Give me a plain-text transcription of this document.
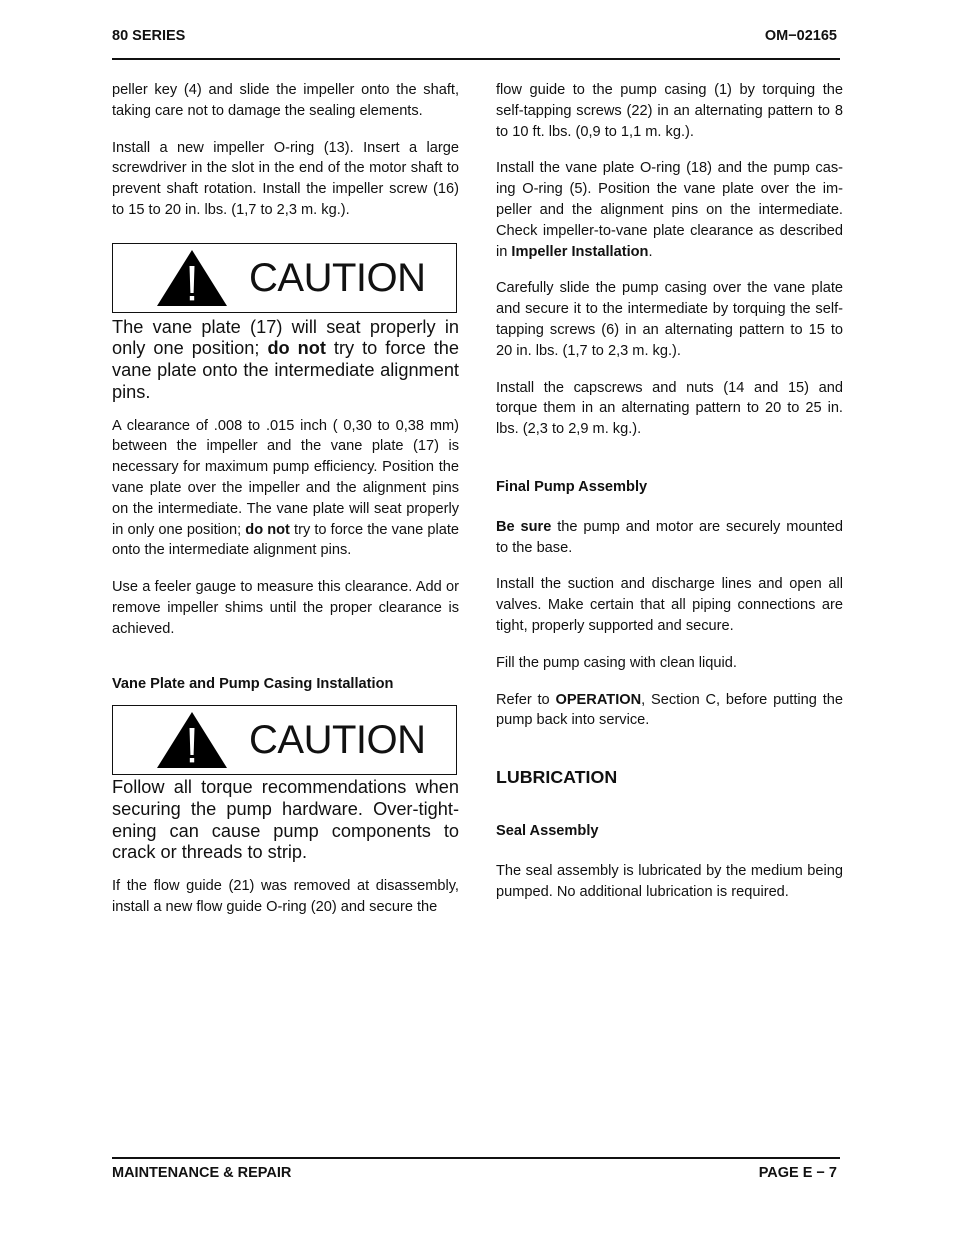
80 SERIES	OM−02165

peller key (4) and slide the impeller onto the shaft, taking care not to damage the sealing elements.

Install a new impeller O-ring (13). Insert a large screwdriver in the slot in the end of the motor shaft to prevent shaft rotation. Install the impeller screw (16) to 15 to 20 in. lbs. (1,7 to 2,3 m. kg.).

CAUTION

The vane plate (17) will seat properly in only one position; do not try to force the vane plate onto the intermediate alignment pins.

A clearance of .008 to .015 inch ( 0,30 to 0,38 mm) between the impeller and the vane plate (17) is necessary for maximum pump efficiency. Position the vane plate over the impeller and the alignment pins on the intermediate. The vane plate will seat properly in only one position; do not try to force the vane plate onto the intermediate alignment pins.

Use a feeler gauge to measure this clearance. Add or remove impeller shims until the proper clearance is achieved.

Vane Plate and Pump Casing Installation

CAUTION

Follow all torque recommendations when securing the pump hardware. Over-tightening can cause pump components to crack or threads to strip.

If the flow guide (21) was removed at disassembly, install a new flow guide O-ring (20) and secure the

flow guide to the pump casing (1) by torquing the self-tapping screws (22) in an alternating pattern to 8 to 10 ft. lbs. (0,9 to 1,1 m. kg.).

Install the vane plate O-ring (18) and the pump casing O-ring (5). Position the vane plate over the impeller and the alignment pins on the intermediate. Check impeller-to-vane plate clearance as described in Impeller Installation.

Carefully slide the pump casing over the vane plate and secure it to the intermediate by torquing the self-tapping screws (6) in an alternating pattern to 15 to 20 in. lbs. (1,7 to 2,3 m. kg.).

Install the capscrews and nuts (14 and 15) and torque them in an alternating pattern to 20 to 25 in. lbs. (2,3 to 2,9 m. kg.).

Final Pump Assembly

Be sure the pump and motor are securely mounted to the base.

Install the suction and discharge lines and open all valves. Make certain that all piping connections are tight, properly supported and secure.

Fill the pump casing with clean liquid.

Refer to OPERATION, Section C, before putting the pump back into service.

LUBRICATION

Seal Assembly

The seal assembly is lubricated by the medium being pumped. No additional lubrication is required.

MAINTENANCE & REPAIR	PAGE E − 7
